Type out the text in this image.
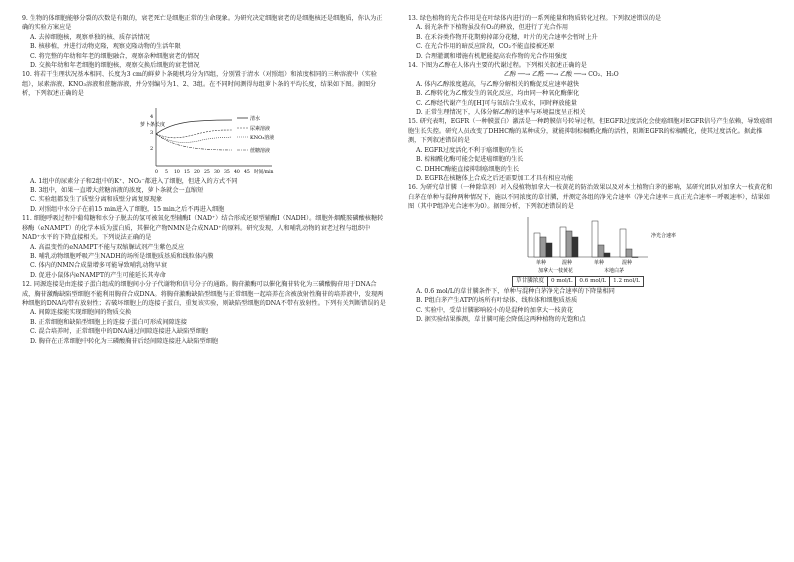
9. 生物的体细胞能够分裂的次数是有限的，衰老死亡是细胞正常的生命现象。为研究决定细胞衰老的是细胞核还是细胞质，你认为正确的实验方案应是
A. 去掉细胞核，观察单独的核、质存活情况
B. 核移植，并进行动物克隆，观察克隆动物的生活年限
C. 将完整的年幼和年老的细胞融合，观察杂种细胞衰老的情况
D. 交换年幼和年老细胞的细胞核，观察交换后细胞的衰老情况
10. 将若干生理状况基本相同、长度为3 cm的鲜萝卜条随机均分为四组，分别置于清水（对照组）和浓度相同的三种溶液中（实验组），尿素溶液、KNO₃溶液和蔗糖溶液，并分别编号为1、2、3组。在不同时间测得每组萝卜条的平均长度，结果如下图。据图分析，下列叙述正确的是
萝卜条长度
4
3
2
清水
尿素溶液
KNO₃溶液
蔗糖溶液
0 5 10 15 20 25 30 35 40 45 时间/min
A. 1组中的尿素分子和2组中的K⁺、NO₃⁻都进入了细胞，但进入的方式不同
B. 3组中，如果一直增大蔗糖溶液的浓度，萝卜条就会一直缩短
C. 实验组都发生了质壁分离和质壁分离复原现象
D. 对照组中水分子在前15 min进入了细胞，15 min之后不再进入细胞
11. 细胞呼吸过程中葡萄糖和水分子脱去的氢可被氧化型辅酶Ⅰ（NAD⁺）结合形成还原型辅酶Ⅰ（NADH）。细胞外烟酰胺磷酸核糖转移酶（eNAMPT）的化学本质为蛋白质，其催化产物NMN是合成NAD⁺的原料。研究发现，人和哺乳动物的衰老过程与组织中NAD⁺水平的下降直接相关。下列说法正确的是
A. 高温变性的eNAMPT不能与双缩脲试剂产生紫色反应
B. 哺乳动物细胞呼吸产生NADH的场所是细胞质基质和线粒体内膜
C. 体内的NMN合成量增多可能导致哺乳动物早衰
D. 促进小鼠体内eNAMPT的产生可能延长其寿命
12. 同源连接是由连接子蛋白组成的细胞间小分子代谢物和信号分子的通路。胸苷激酶可以催化胸苷转化为三磷酸胸苷用于DNA合成，胸苷激酶缺陷型细胞不能利用胸苷合成DNA。将胸苷激酶缺陷型细胞与正常细胞一起培养在含被放射性胸苷的培养液中，发现两种细胞的DNA均带有放射性；若破坏细胞上的连接子蛋白，重复该实验，则缺陷型细胞的DNA不带有放射性。下列有关判断错误的是
A. 间隙连接能实现细胞间的物质交换
B. 正常细胞和缺陷型细胞上的连接子蛋白可形成间隙连接
C. 混合培养时，正常细胞中的DNA通过间隙连接进入缺陷型细胞
D. 胸苷在正常细胞中转化为三磷酸胸苷后经间隙连接进入缺陷型细胞
13. 绿色植物的光合作用是在叶绿体内进行的一系列能量和物质转化过程。下列叙述错误的是
A. 弱光条件下植物虽没有O₂的释放，但进行了光合作用
B. 在禾谷类作物开花期剪掉部分花穗，叶片的光合速率会暂时上升
C. 在光合作用的暗反应阶段，CO₂不能直接被还原
D. 合理灌溉和增施有机肥能提高农作物的光合作用强度
14. 下图为乙醇在人体内主要的代谢过程。下列相关叙述正确的是
乙醇 ──→ 乙醛 ──→ 乙酸 ──→ CO₂、H₂O
A. 体内乙醇浓度越高，与乙醇分解相关的酶促反应速率越快
B. 乙醇转化为乙酸发生的氧化反应，均由同一种氧化酶催化
C. 乙醇经代谢产生的[H]可与氧结合生成水，同时释放能量
D. 正常生理情况下，人体分解乙醇的速率与环境温度呈正相关
15. 研究表明，EGFR（一种膜蛋白）激活是一种跨膜信号转导过程，但EGFR过度活化会使癌细胞对EGFR信号产生依赖，导致癌细胞生长失控。研究人员改变了DHHC酶的某种成分，就能抑制棕榈酰化酶的活性，阻断EGFR的棕榈酰化，使其过度活化。据此推测，下列叙述错误的是
A. EGFR过度活化不利于癌细胞的生长
B. 棕榈酰化酶可能会促进癌细胞的生长
C. DHHC酶能直接抑制癌细胞的生长
D. EGFR在核糖体上合成之后还需要加工才具有相应功能
16. 为研究草甘膦（一种除草剂）对入侵植物加拿大一枝黄花的防治效果以及对本土植物白茅的影响，某研究团队对加拿大一枝黄花和白茅在单种与混种两种情况下，施以不同浓度的草甘膦，并测定各组的净光合速率（净光合速率＝真正光合速率－呼吸速率），结果如图（其中P组净光合速率为0）。据图分析，下列叙述错误的是
净光合速率
单种	混种	单种	混种
加拿大一枝黄花	本地白茅
草甘膦浓度	0 mol/L	0.6 mol/L	1.2 mol/L
A. 0.6 mol/L的草甘膦条件下，单种与混种白茅净光合速率的下降量相同
B. P组白茅产生ATP的场所有叶绿体、线粒体和细胞质基质
C. 实验中，受草甘膦影响较小的是混种的加拿大一枝黄花
D. 据实验结果推测，草甘膦可能会降低这两种植物的光饱和点
